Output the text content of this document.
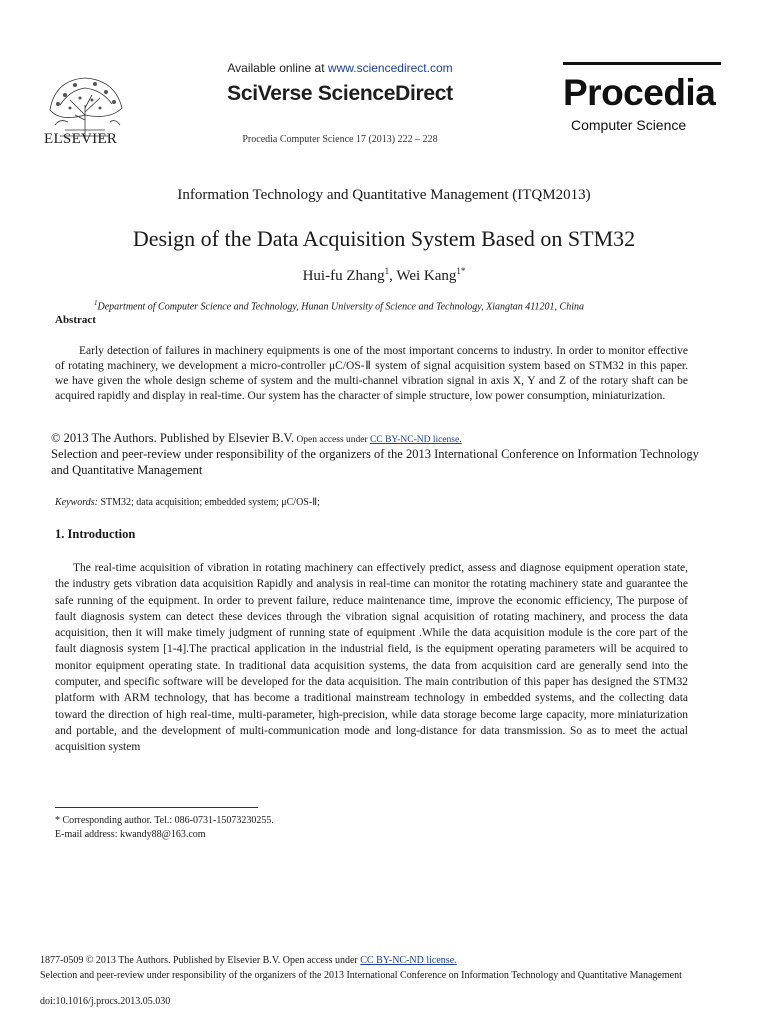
ELSEVIER
Available online at www.sciencedirect.com
SciVerse ScienceDirect
Procedia Computer Science 17 (2013) 222 – 228
Procedia
Computer Science
Information Technology and Quantitative Management (ITQM2013)
Design of the Data Acquisition System Based on STM32
Hui-fu Zhang$^1$, Wei Kang$^{1*}$
$^1$Department of Computer Science and Technology, Hunan University of Science and Technology, Xiangtan 411201, China
Abstract
Early detection of failures in machinery equipments is one of the most important concerns to industry. In order to monitor effective of rotating machinery, we development a micro-controller μC/OS-Ⅱ system of signal acquisition system based on STM32 in this paper. we have given the whole design scheme of system and the multi-channel vibration signal in axis X, Y and Z of the rotary shaft can be acquired rapidly and display in real-time. Our system has the character of simple structure, low power consumption, miniaturization.
© 2013 The Authors. Published by Elsevier B.V. Open access under CC BY-NC-ND license.
Selection and peer-review under responsibility of the organizers of the 2013 International Conference on Information Technology and Quantitative Management
Keywords: STM32; data acquisition; embedded system; μC/OS-Ⅱ;
1. Introduction
The real-time acquisition of vibration in rotating machinery can effectively predict, assess and diagnose equipment operation state, the industry gets vibration data acquisition Rapidly and analysis in real-time can monitor the rotating machinery state and guarantee the safe running of the equipment. In order to prevent failure, reduce maintenance time, improve the economic efficiency, The purpose of fault diagnosis system can detect these devices through the vibration signal acquisition of rotating machinery, and process the data acquisition, then it will make timely judgment of running state of equipment .While the data acquisition module is the core part of the fault diagnosis system [1-4].The practical application in the industrial field, is the equipment operating parameters will be acquired to monitor equipment operating state. In traditional data acquisition systems, the data from acquisition card are generally send into the computer, and specific software will be developed for the data acquisition. The main contribution of this paper has designed the STM32 platform with ARM technology, that has become a traditional mainstream technology in embedded systems, and the collecting data toward the direction of high real-time, multi-parameter, high-precision, while data storage become large capacity, more miniaturization and portable, and the development of multi-communication mode and long-distance for data transmission. So as to meet the actual acquisition system
* Corresponding author. Tel.: 086-0731-15073230255.
E-mail address: kwandy88@163.com
1877-0509 © 2013 The Authors. Published by Elsevier B.V. Open access under CC BY-NC-ND license.
Selection and peer-review under responsibility of the organizers of the 2013 International Conference on Information Technology and Quantitative Management
doi:10.1016/j.procs.2013.05.030
